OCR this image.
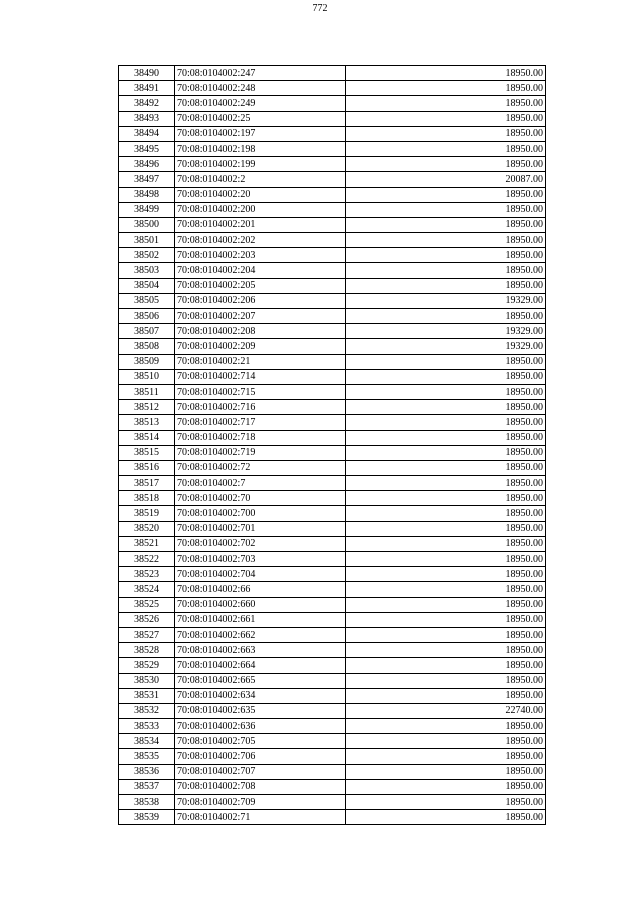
772
38490	70:08:0104002:247	18950.00
38491	70:08:0104002:248	18950.00
38492	70:08:0104002:249	18950.00
38493	70:08:0104002:25	18950.00
38494	70:08:0104002:197	18950.00
38495	70:08:0104002:198	18950.00
38496	70:08:0104002:199	18950.00
38497	70:08:0104002:2	20087.00
38498	70:08:0104002:20	18950.00
38499	70:08:0104002:200	18950.00
38500	70:08:0104002:201	18950.00
38501	70:08:0104002:202	18950.00
38502	70:08:0104002:203	18950.00
38503	70:08:0104002:204	18950.00
38504	70:08:0104002:205	18950.00
38505	70:08:0104002:206	19329.00
38506	70:08:0104002:207	18950.00
38507	70:08:0104002:208	19329.00
38508	70:08:0104002:209	19329.00
38509	70:08:0104002:21	18950.00
38510	70:08:0104002:714	18950.00
38511	70:08:0104002:715	18950.00
38512	70:08:0104002:716	18950.00
38513	70:08:0104002:717	18950.00
38514	70:08:0104002:718	18950.00
38515	70:08:0104002:719	18950.00
38516	70:08:0104002:72	18950.00
38517	70:08:0104002:7	18950.00
38518	70:08:0104002:70	18950.00
38519	70:08:0104002:700	18950.00
38520	70:08:0104002:701	18950.00
38521	70:08:0104002:702	18950.00
38522	70:08:0104002:703	18950.00
38523	70:08:0104002:704	18950.00
38524	70:08:0104002:66	18950.00
38525	70:08:0104002:660	18950.00
38526	70:08:0104002:661	18950.00
38527	70:08:0104002:662	18950.00
38528	70:08:0104002:663	18950.00
38529	70:08:0104002:664	18950.00
38530	70:08:0104002:665	18950.00
38531	70:08:0104002:634	18950.00
38532	70:08:0104002:635	22740.00
38533	70:08:0104002:636	18950.00
38534	70:08:0104002:705	18950.00
38535	70:08:0104002:706	18950.00
38536	70:08:0104002:707	18950.00
38537	70:08:0104002:708	18950.00
38538	70:08:0104002:709	18950.00
38539	70:08:0104002:71	18950.00
